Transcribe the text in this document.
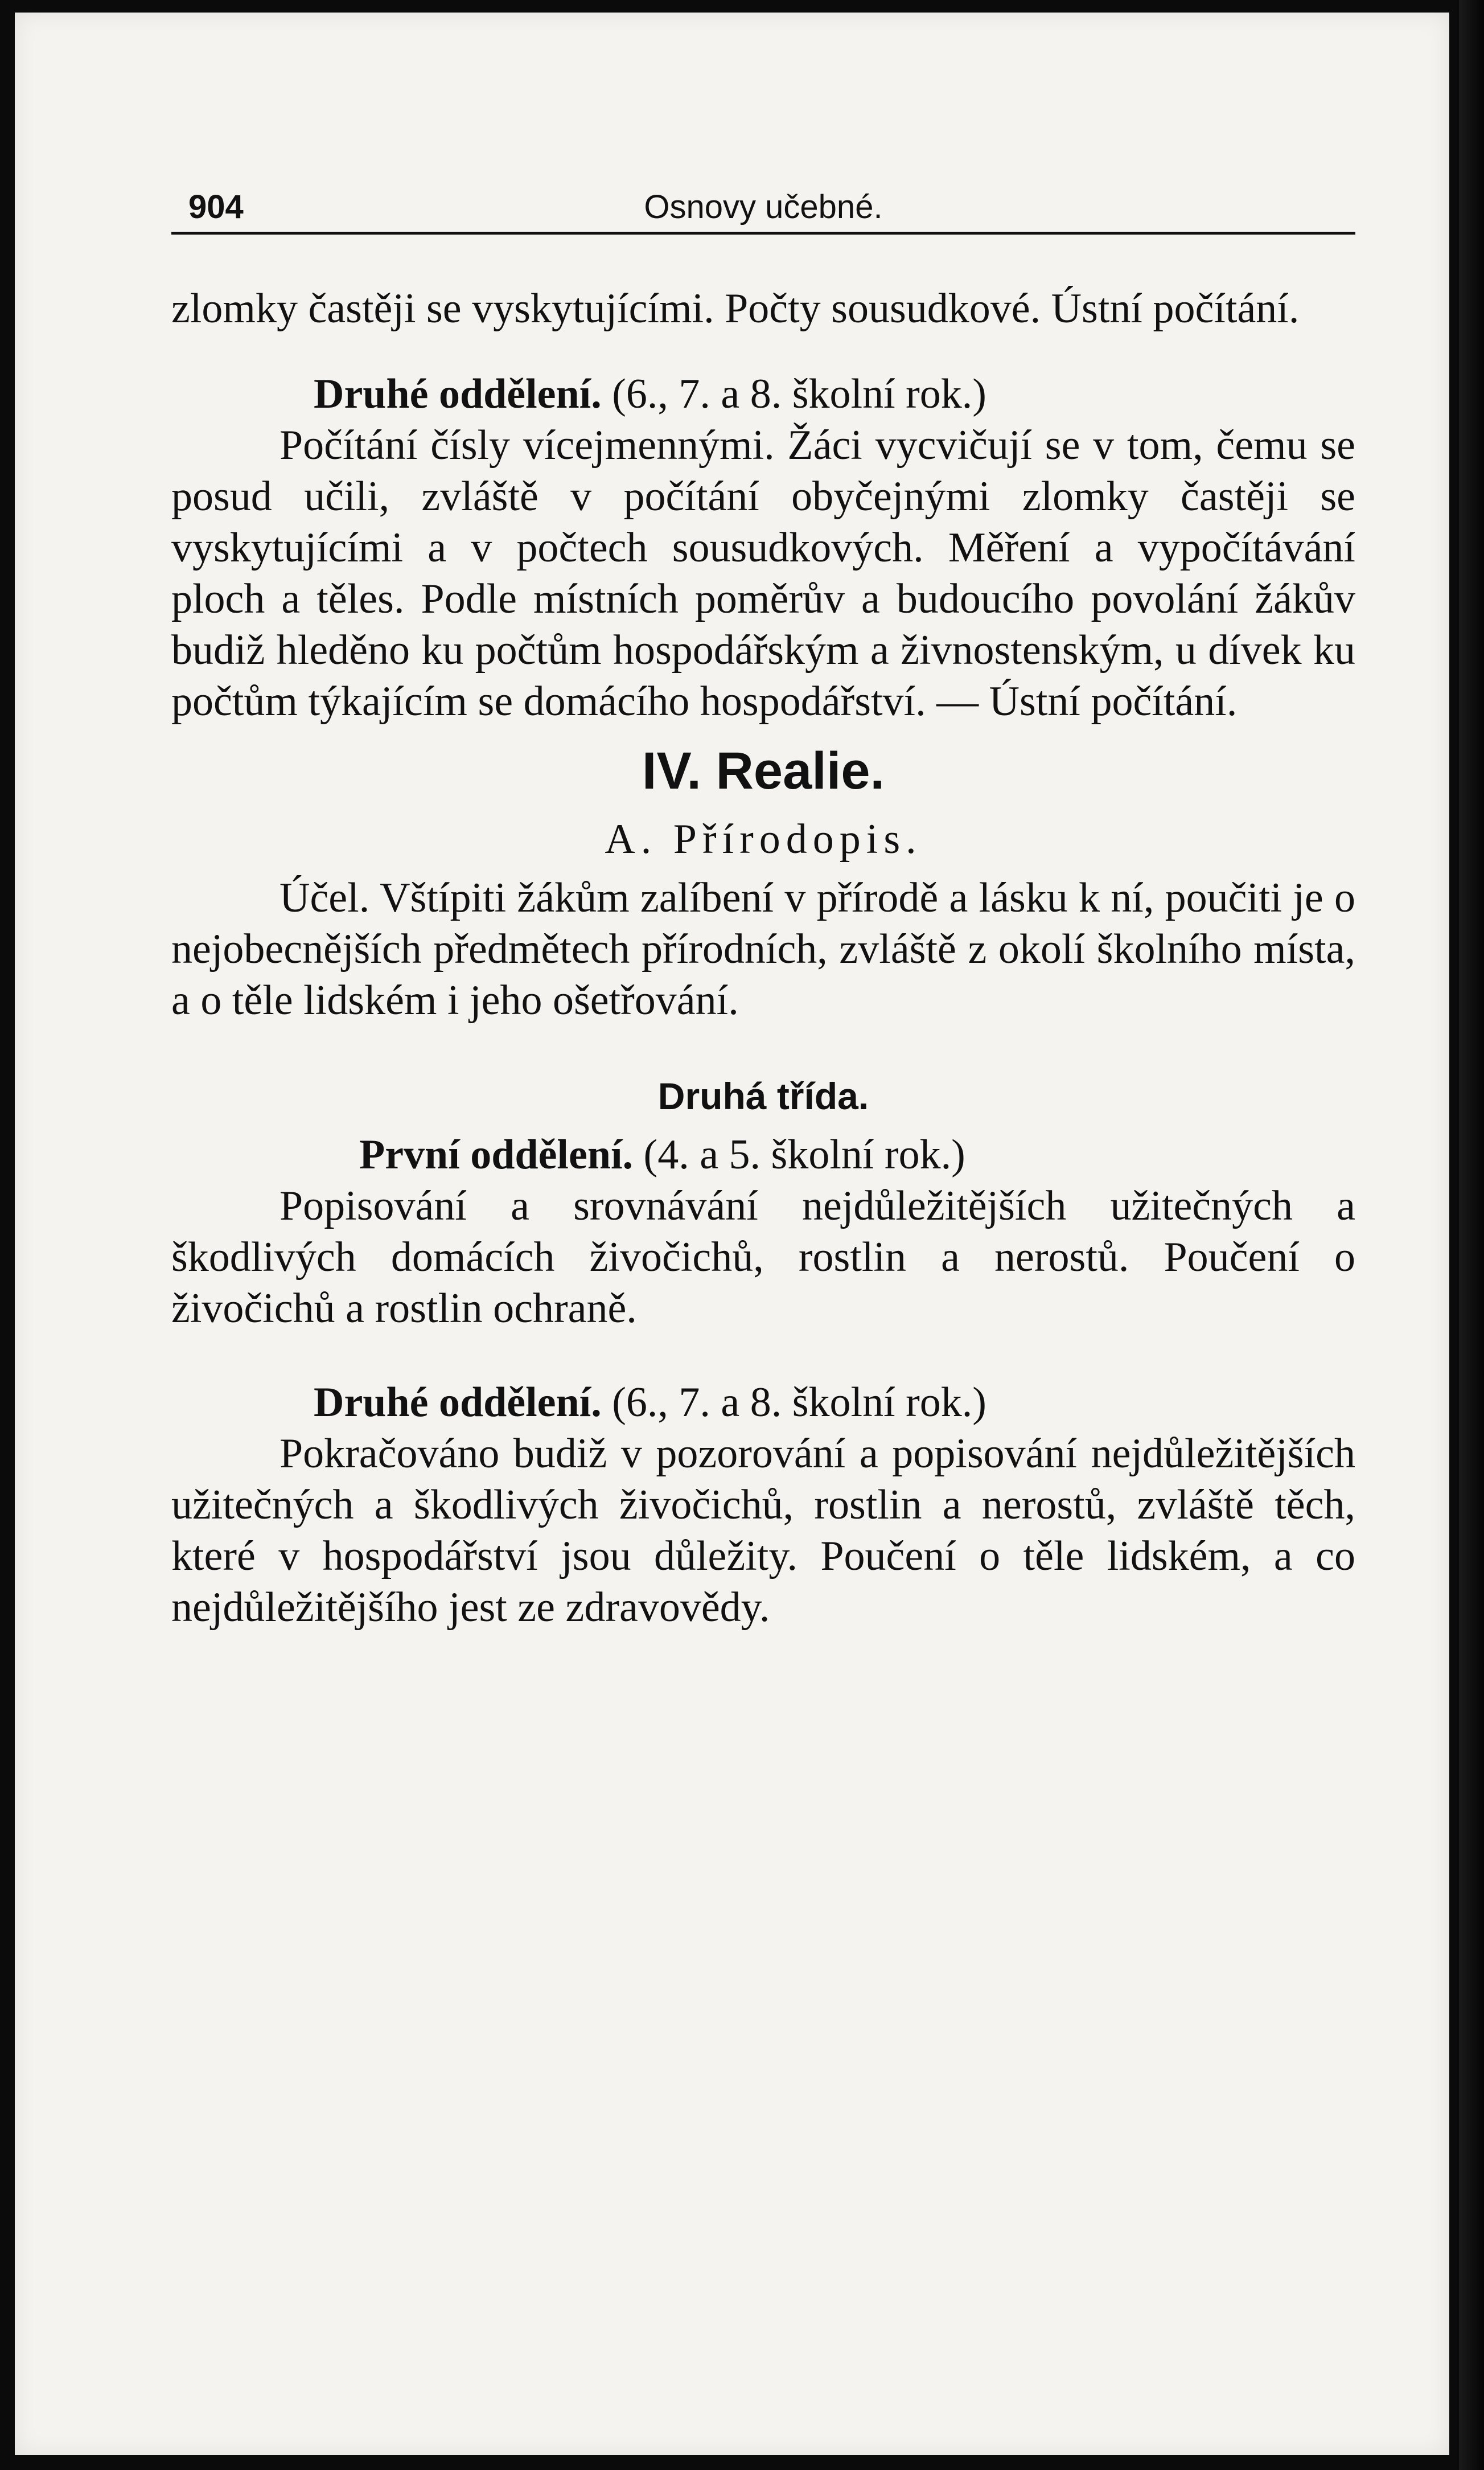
904	Osnovy učebné.

zlomky častěji se vyskytujícími. Počty sousudkové. Ústní počítání.

Druhé oddělení. (6., 7. a 8. školní rok.)

Počítání čísly vícejmennými. Žáci vycvičují se v tom, čemu se posud učili, zvláště v počítání obyčejnými zlomky častěji se vyskytujícími a v počtech sousudkových. Měření a vypočítávání ploch a těles. Podle místních poměrův a budoucího povolání žákův budiž hleděno ku počtům hospodářským a živnostenským, u dívek ku počtům týkajícím se domácího hospodářství. — Ústní počítání.

IV. Realie.
A. Přírodopis.

Účel. Vštípiti žákům zalíbení v přírodě a lásku k ní, poučiti je o nejobecnějších předmětech přírodních, zvláště z okolí školního místa, a o těle lidském i jeho ošetřování.

Druhá třída.

První oddělení. (4. a 5. školní rok.)

Popisování a srovnávání nejdůležitějších užitečných a škodlivých domácích živočichů, rostlin a nerostů. Poučení o živočichů a rostlin ochraně.

Druhé oddělení. (6., 7. a 8. školní rok.)

Pokračováno budiž v pozorování a popisování nejdůležitějších užitečných a škodlivých živočichů, rostlin a nerostů, zvláště těch, které v hospodářství jsou důležity. Poučení o těle lidském, a co nejdůležitějšího jest ze zdravovědy.
